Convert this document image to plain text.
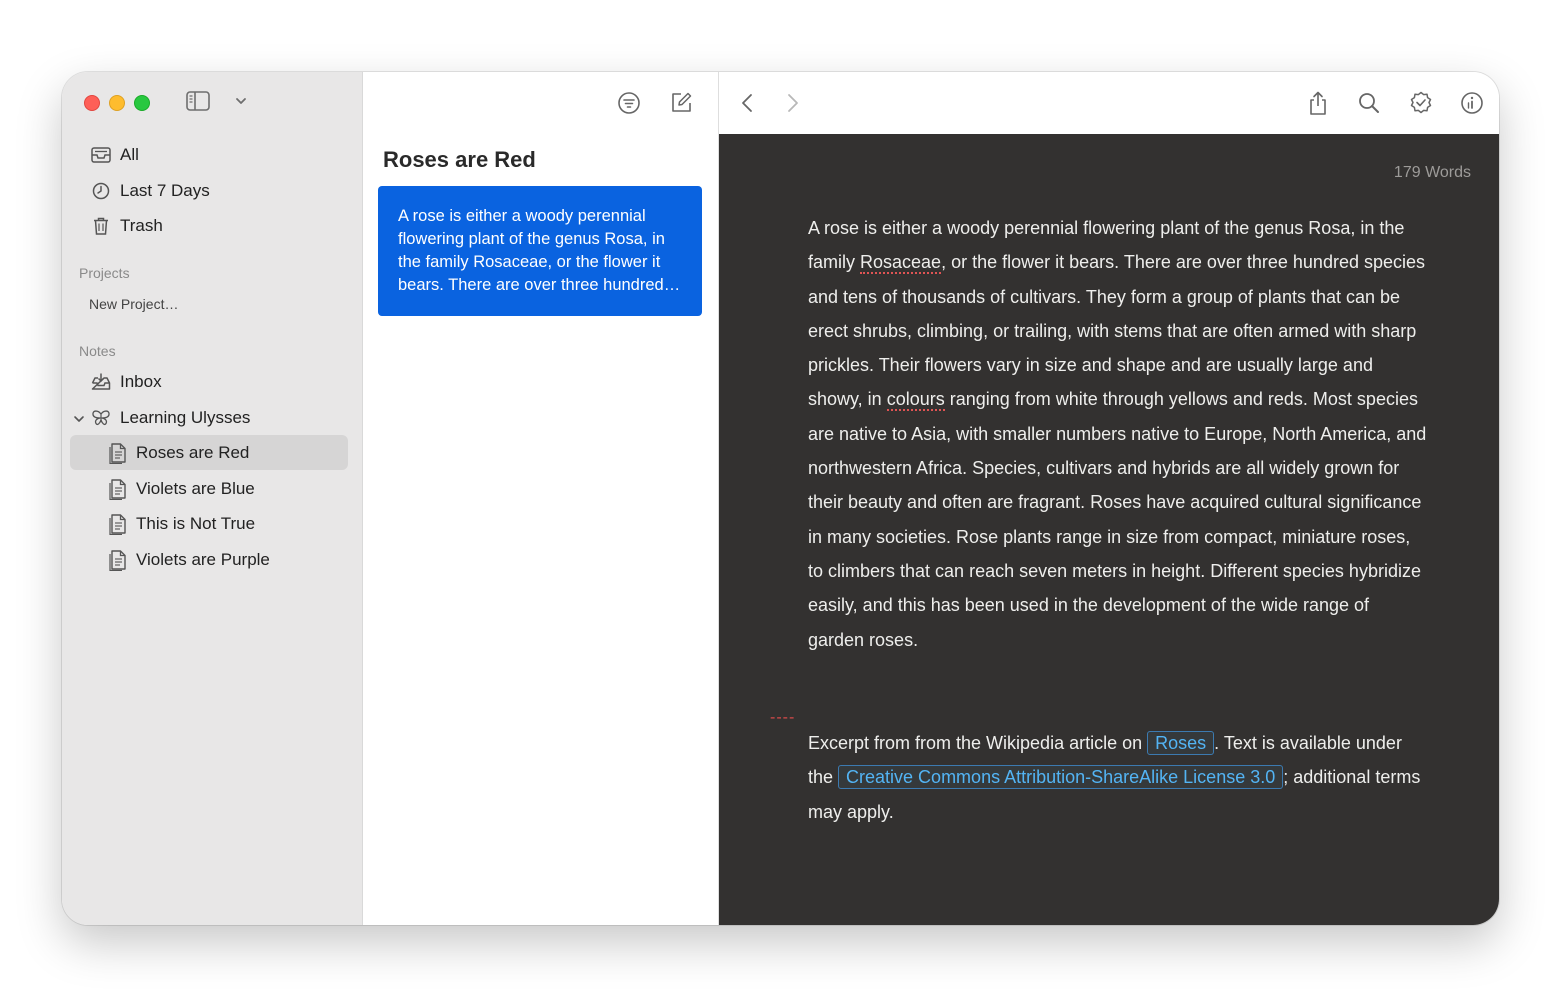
All
Last 7 Days
Trash
Projects
New Project…
Notes
Inbox
Learning Ulysses
Roses are Red
Violets are Blue
This is Not True
Violets are Purple
Roses are Red
A rose is either a woody perennial flowering plant of the genus Rosa, in the family Rosaceae, or the flower it bears. There are over three hundred…
179 Words
A rose is either a woody perennial flowering plant of the genus Rosa, in the family Rosaceae, or the flower it bears. There are over three hundred species and tens of thousands of cultivars. They form a group of plants that can be erect shrubs, climbing, or trailing, with stems that are often armed with sharp prickles. Their flowers vary in size and shape and are usually large and showy, in colours ranging from white through yellows and reds. Most species are native to Asia, with smaller numbers native to Europe, North America, and northwestern Africa. Species, cultivars and hybrids are all widely grown for their beauty and often are fragrant. Roses have acquired cultural significance in many societies. Rose plants range in size from compact, miniature roses, to climbers that can reach seven meters in height. Different species hybridize easily, and this has been used in the development of the wide range of garden roses.
----
Excerpt from from the Wikipedia article on Roses . Text is available under the Creative Commons Attribution-ShareAlike License 3.0 ; additional terms may apply.
